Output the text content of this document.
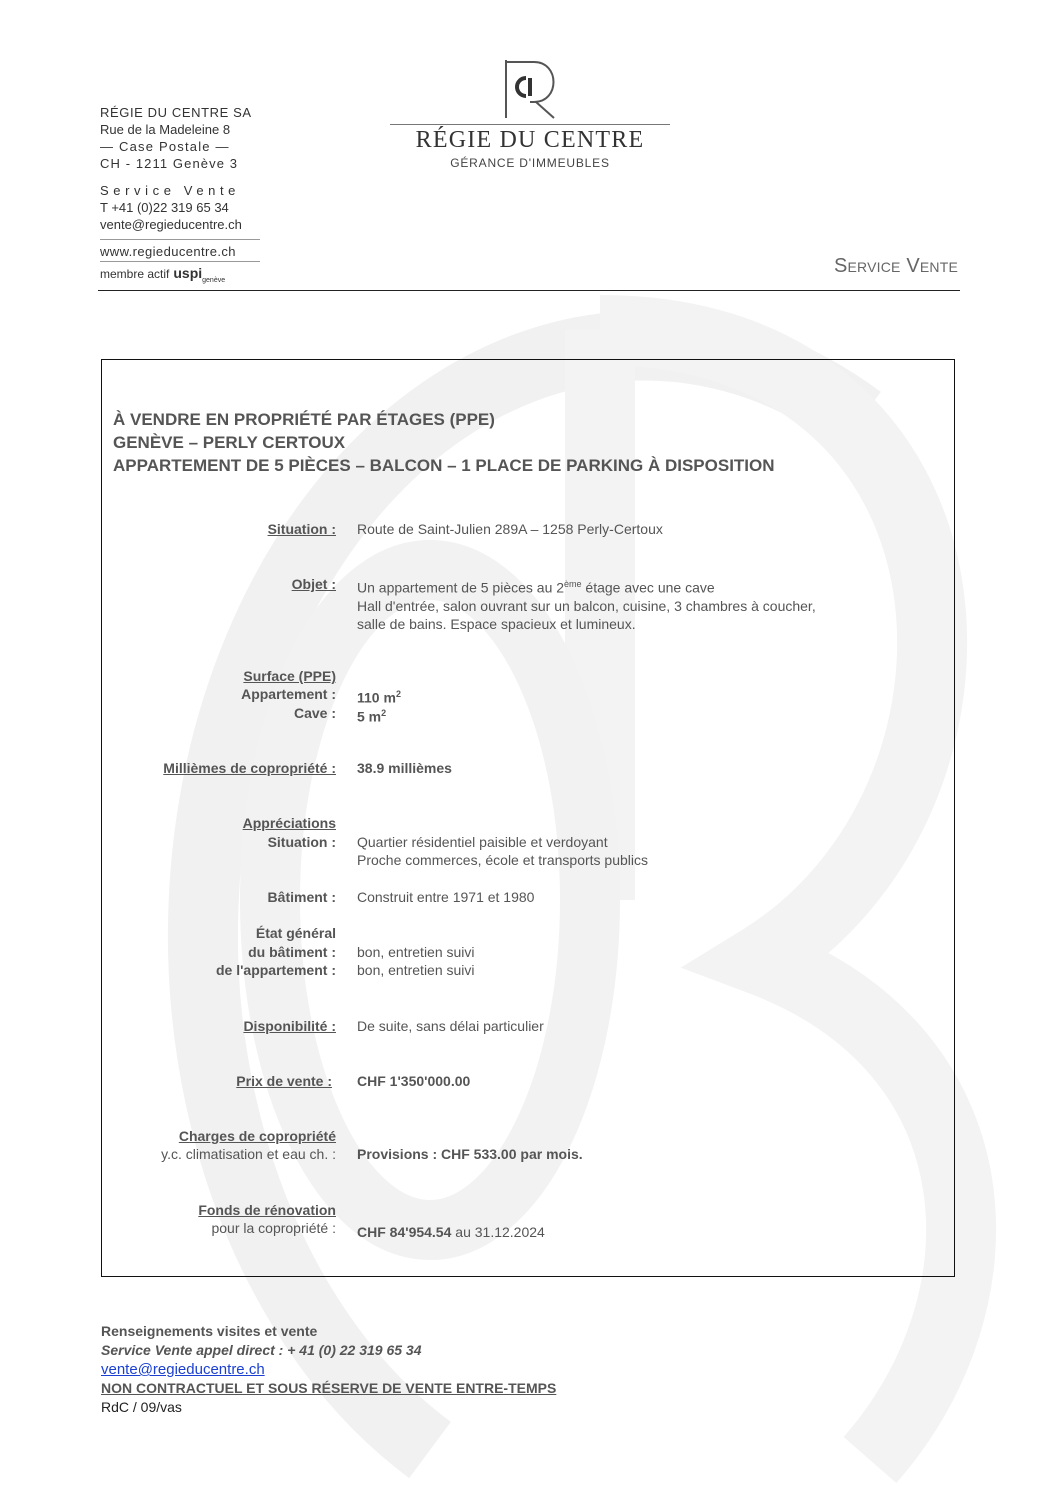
RÉGIE DU CENTRE SA
Rue de la Madeleine 8
— Case Postale —
CH - 1211 Genève 3
Service Vente
T +41 (0)22 319 65 34
vente@regieducentre.ch
www.regieducentre.ch
membre actif uspi$_{genève}$
RÉGIE DU CENTRE
GÉRANCE D'IMMEUBLES
Service Vente
À VENDRE EN PROPRIÉTÉ PAR ÉTAGES (PPE)
GENÈVE – PERLY CERTOUX
APPARTEMENT DE 5 PIÈCES – BALCON – 1 PLACE DE PARKING À DISPOSITION
Situation : Route de Saint-Julien 289A – 1258 Perly-Certoux
Objet : Un appartement de 5 pièces au 2ème étage avec une cave
Hall d'entrée, salon ouvrant sur un balcon, cuisine, 3 chambres à coucher,
salle de bains. Espace spacieux et lumineux.
Surface (PPE)
Appartement : 110 $m^2$
Cave : 5 $m^2$
Millièmes de copropriété : 38.9 millièmes
Appréciations
Situation : Quartier résidentiel paisible et verdoyant
Proche commerces, école et transports publics
Bâtiment : Construit entre 1971 et 1980
État général
du bâtiment : bon, entretien suivi
de l'appartement : bon, entretien suivi
Disponibilité : De suite, sans délai particulier
Prix de vente : CHF 1'350'000.00
Charges de copropriété
y.c. climatisation et eau ch. : Provisions : CHF 533.00 par mois.
Fonds de rénovation
pour la copropriété : CHF 84'954.54 au 31.12.2024
Renseignements visites et vente
Service Vente appel direct : + 41 (0) 22 319 65 34
vente@regieducentre.ch
NON CONTRACTUEL ET SOUS RÉSERVE DE VENTE ENTRE-TEMPS
RdC / 09/vas
